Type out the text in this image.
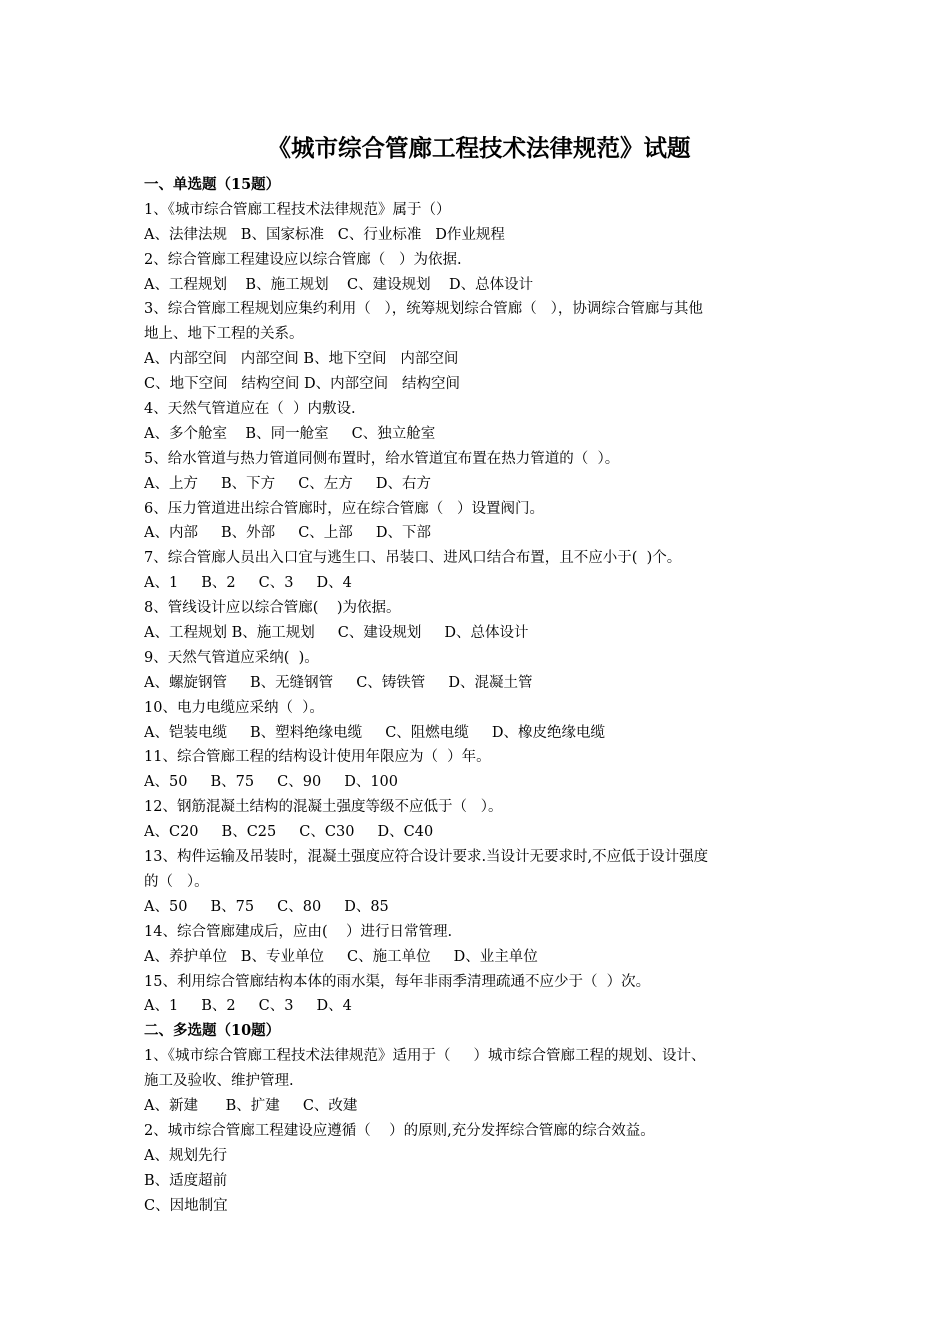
《城市综合管廊工程技术法律规范》试题
一、单选题（15题）
1、《城市综合管廊工程技术法律规范》属于（）
A、法律法规   B、国家标准   C、行业标准   D作业规程
2、综合管廊工程建设应以综合管廊（   ）为依据.
A、工程规划    B、施工规划    C、建设规划    D、总体设计
3、综合管廊工程规划应集约利用（   ），统筹规划综合管廊（   ），协调综合管廊与其他
地上、地下工程的关系。
A、内部空间   内部空间 B、地下空间   内部空间
C、地下空间   结构空间 D、内部空间   结构空间
4、天然气管道应在（  ）内敷设.
A、多个舱室    B、同一舱室     C、独立舱室
5、给水管道与热力管道同侧布置时，给水管道宜布置在热力管道的（  ）。
A、上方     B、下方     C、左方     D、右方
6、压力管道进出综合管廊时，应在综合管廊（   ）设置阀门。
A、内部     B、外部     C、上部     D、下部
7、综合管廊人员出入口宜与逃生口、吊装口、进风口结合布置，且不应小于(  )个。
A、1     B、2     C、3     D、4
8、管线设计应以综合管廊(    )为依据。
A、工程规划 B、施工规划     C、建设规划     D、总体设计
9、天然气管道应采纳(  )。
A、螺旋钢管     B、无缝钢管     C、铸铁管     D、混凝土管
10、电力电缆应采纳（  ）。
A、铠装电缆     B、塑料绝缘电缆     C、阻燃电缆     D、橡皮绝缘电缆
11、综合管廊工程的结构设计使用年限应为（  ）年。
A、50     B、75     C、90     D、100
12、钢筋混凝土结构的混凝土强度等级不应低于（   ）。
A、C20     B、C25     C、C30     D、C40
13、构件运输及吊装时，混凝土强度应符合设计要求.当设计无要求时,不应低于设计强度
的（   ）。
A、50     B、75     C、80     D、85
14、综合管廊建成后，应由(    ）进行日常管理.
A、养护单位   B、专业单位     C、施工单位     D、业主单位
15、利用综合管廊结构本体的雨水渠，每年非雨季清理疏通不应少于（  ）次。
A、1     B、2     C、3     D、4
二、多选题（10题）
1、《城市综合管廊工程技术法律规范》适用于（     ）城市综合管廊工程的规划、设计、
施工及验收、维护管理.
A、新建      B、扩建     C、改建
2、城市综合管廊工程建设应遵循（    ）的原则,充分发挥综合管廊的综合效益。
A、规划先行
B、适度超前
C、因地制宜
